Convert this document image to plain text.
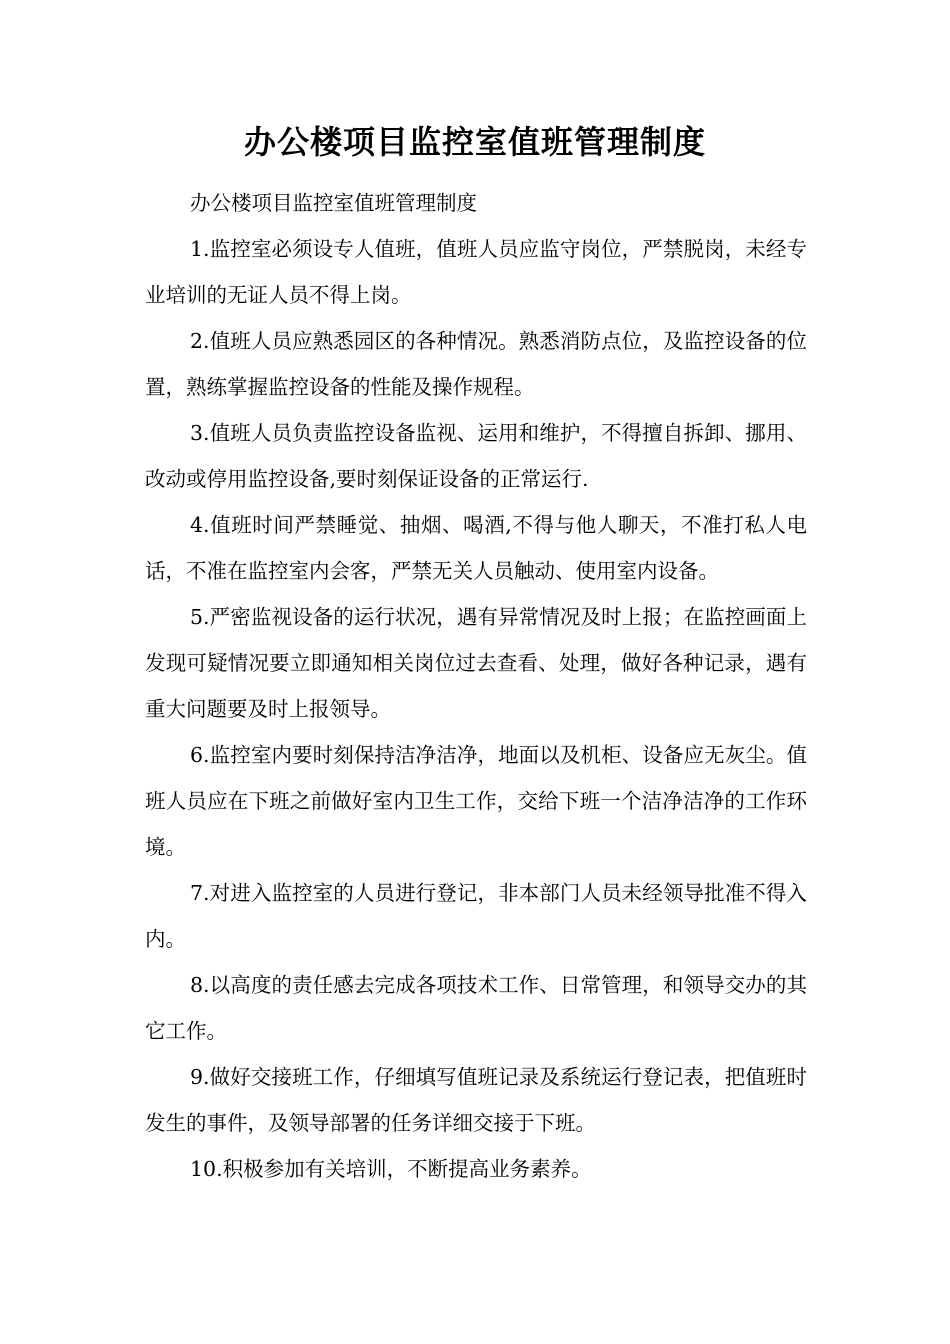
办公楼项目监控室值班管理制度

办公楼项目监控室值班管理制度

1.监控室必须设专人值班，值班人员应监守岗位，严禁脱岗，未经专业培训的无证人员不得上岗。

2.值班人员应熟悉园区的各种情况。熟悉消防点位，及监控设备的位置，熟练掌握监控设备的性能及操作规程。

3.值班人员负责监控设备监视、运用和维护，不得擅自拆卸、挪用、改动或停用监控设备,要时刻保证设备的正常运行.

4.值班时间严禁睡觉、抽烟、喝酒,不得与他人聊天，不准打私人电话，不准在监控室内会客，严禁无关人员触动、使用室内设备。

5.严密监视设备的运行状况，遇有异常情况及时上报；在监控画面上发现可疑情况要立即通知相关岗位过去查看、处理，做好各种记录，遇有重大问题要及时上报领导。

6.监控室内要时刻保持洁净洁净，地面以及机柜、设备应无灰尘。值班人员应在下班之前做好室内卫生工作，交给下班一个洁净洁净的工作环境。

7.对进入监控室的人员进行登记，非本部门人员未经领导批准不得入内。

8.以高度的责任感去完成各项技术工作、日常管理，和领导交办的其它工作。

9.做好交接班工作，仔细填写值班记录及系统运行登记表，把值班时发生的事件，及领导部署的任务详细交接于下班。

10.积极参加有关培训，不断提高业务素养。
